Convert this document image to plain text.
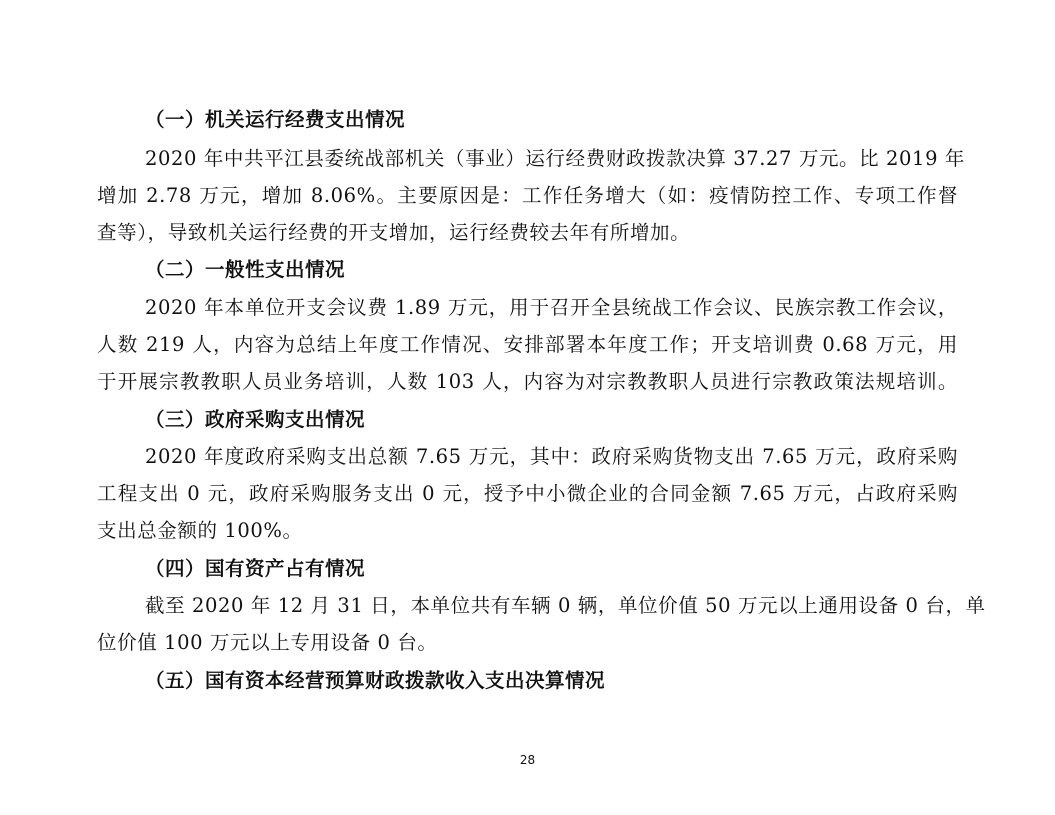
（一）机关运行经费支出情况
2020 年中共平江县委统战部机关（事业）运行经费财政拨款决算 37.27 万元。比 2019 年
增加 2.78 万元，增加 8.06%。主要原因是：工作任务增大（如：疫情防控工作、专项工作督
查等），导致机关运行经费的开支增加，运行经费较去年有所增加。
（二）一般性支出情况
2020 年本单位开支会议费 1.89 万元，用于召开全县统战工作会议、民族宗教工作会议，
人数 219 人，内容为总结上年度工作情况、安排部署本年度工作；开支培训费 0.68 万元，用
于开展宗教教职人员业务培训，人数 103 人，内容为对宗教教职人员进行宗教政策法规培训。
（三）政府采购支出情况
2020 年度政府采购支出总额 7.65 万元，其中：政府采购货物支出 7.65 万元，政府采购
工程支出 0 元，政府采购服务支出 0 元，授予中小微企业的合同金额 7.65 万元，占政府采购
支出总金额的 100%。
（四）国有资产占有情况
截至 2020 年 12 月 31 日，本单位共有车辆 0 辆，单位价值 50 万元以上通用设备 0 台，单
位价值 100 万元以上专用设备 0 台。
（五）国有资本经营预算财政拨款收入支出决算情况
28
